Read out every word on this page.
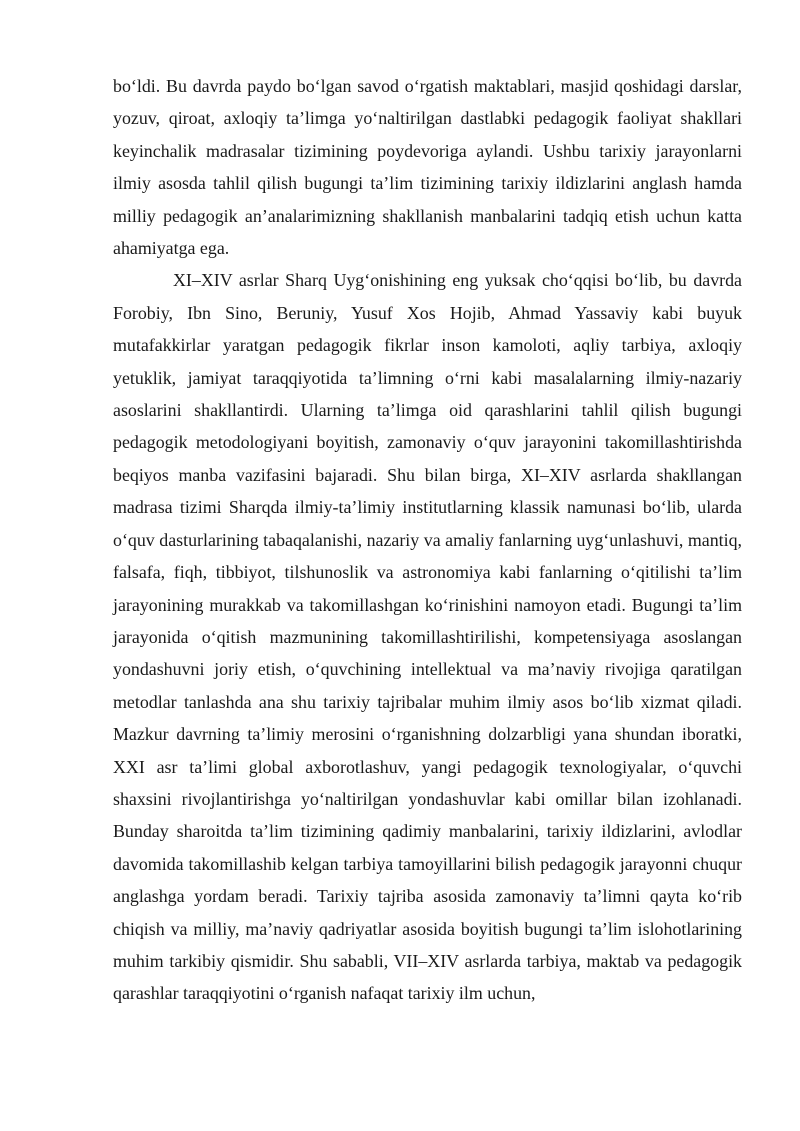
boʻldi. Bu davrda paydo boʻlgan savod oʻrgatish maktablari, masjid qoshidagi darslar, yozuv, qiroat, axloqiy taʼlimga yoʻnaltirilgan dastlabki pedagogik faoliyat shakllari keyinchalik madrasalar tizimining poydevoriga aylandi. Ushbu tarixiy jarayonlarni ilmiy asosda tahlil qilish bugungi taʼlim tizimining tarixiy ildizlarini anglash hamda milliy pedagogik anʼanalarimizning shakllanish manbalarini tadqiq etish uchun katta ahamiyatga ega.

XI–XIV asrlar Sharq Uygʻonishining eng yuksak choʻqqisi boʻlib, bu davrda Forobiy, Ibn Sino, Beruniy, Yusuf Xos Hojib, Ahmad Yassaviy kabi buyuk mutafakkirlar yaratgan pedagogik fikrlar inson kamoloti, aqliy tarbiya, axloqiy yetuklik, jamiyat taraqqiyotida taʼlimning oʻrni kabi masalalarning ilmiy-nazariy asoslarini shakllantirdi. Ularning taʼlimga oid qarashlarini tahlil qilish bugungi pedagogik metodologiyani boyitish, zamonaviy oʻquv jarayonini takomillashtirishda beqiyos manba vazifasini bajaradi. Shu bilan birga, XI–XIV asrlarda shakllangan madrasa tizimi Sharqda ilmiy-taʼlimiy institutlarning klassik namunasi boʻlib, ularda oʻquv dasturlarining tabaqalanishi, nazariy va amaliy fanlarning uygʻunlashuvi, mantiq, falsafa, fiqh, tibbiyot, tilshunoslik va astronomiya kabi fanlarning oʻqitilishi taʼlim jarayonining murakkab va takomillashgan koʻrinishini namoyon etadi. Bugungi taʼlim jarayonida oʻqitish mazmunining takomillashtirilishi, kompetensiyaga asoslangan yondashuvni joriy etish, oʻquvchining intellektual va maʼnaviy rivojiga qaratilgan metodlar tanlashda ana shu tarixiy tajribalar muhim ilmiy asos boʻlib xizmat qiladi. Mazkur davrning taʼlimiy merosini oʻrganishning dolzarbligi yana shundan iboratki, XXI asr taʼlimi global axborotlashuv, yangi pedagogik texnologiyalar, oʻquvchi shaxsini rivojlantirishga yoʻnaltirilgan yondashuvlar kabi omillar bilan izohlanadi. Bunday sharoitda taʼlim tizimining qadimiy manbalarini, tarixiy ildizlarini, avlodlar davomida takomillashib kelgan tarbiya tamoyillarini bilish pedagogik jarayonni chuqur anglashga yordam beradi. Tarixiy tajriba asosida zamonaviy taʼlimni qayta koʻrib chiqish va milliy, maʼnaviy qadriyatlar asosida boyitish bugungi taʼlim islohotlarining muhim tarkibiy qismidir. Shu sababli, VII–XIV asrlarda tarbiya, maktab va pedagogik qarashlar taraqqiyotini oʻrganish nafaqat tarixiy ilm uchun,
